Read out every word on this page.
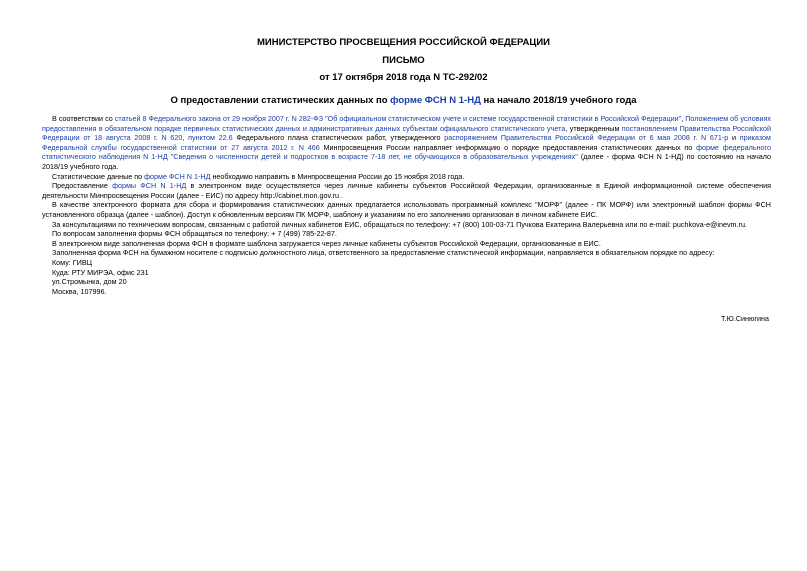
МИНИСТЕРСТВО ПРОСВЕЩЕНИЯ РОССИЙСКОЙ ФЕДЕРАЦИИ
ПИСЬМО
от 17 октября 2018 года N ТС-292/02
О предоставлении статистических данных по форме ФСН N 1-НД на начало 2018/19 учебного года

В соответствии со статьей 8 Федерального закона от 29 ноября 2007 г. N 282-ФЗ "Об официальном статистическом учете и системе государственной статистики в Российской Федерации", Положением об условиях предоставления в обязательном порядке первичных статистических данных и административных данных субъектам официального статистического учета, утвержденным постановлением Правительства Российской Федерации от 18 августа 2008 г. N 620, пунктом 22.6 Федерального плана статистических работ, утвержденного распоряжением Правительства Российской Федерации от 6 мая 2008 г. N 671-р и приказом Федеральной службы государственной статистики от 27 августа 2012 г. N 466 Минпросвещения России направляет информацию о порядке предоставления статистических данных по форме федерального статистического наблюдения N 1-НД "Сведения о численности детей и подростков в возрасте 7-18 лет, не обучающихся в образовательных учреждениях" (далее - форма ФСН N 1-НД) по состоянию на начало 2018/19 учебного года.

Статистические данные по форме ФСН N 1-НД необходимо направить в Минпросвещения России до 15 ноября 2018 года.

Предоставление формы ФСН N 1-НД в электронном виде осуществляется через личные кабинеты субъектов Российской Федерации, организованные в Единой информационной системе обеспечения деятельности Минпросвещения России (далее - ЕИС) по адресу http://cabinet.mon.gov.ru .

В качестве электронного формата для сбора и формирования статистических данных предлагается использовать программный комплекс "МОРФ" (далее - ПК МОРФ) или электронный шаблон формы ФСН установленного образца (далее - шаблон). Доступ к обновленным версиям ПК МОРФ, шаблону и указаниям по его заполнению организован в личном кабинете ЕИС.

За консультациями по техническим вопросам, связанным с работой личных кабинетов ЕИС, обращаться по телефону: +7 (800) 100-03-71 Пучкова Екатерина Валерьевна или по e-mail: puchkova-e@inevm.ru.

По вопросам заполнения формы ФСН обращаться по телефону: + 7 (499) 785-22-87.

В электронном виде заполненная форма ФСН в формате шаблона загружается через личные кабинеты субъектов Российской Федерации, организованные в ЕИС.

Заполненная форма ФСН на бумажном носителе с подписью должностного лица, ответственного за предоставление статистической информации, направляется в обязательном порядке по адресу:

Кому: ГИВЦ

Куда: РТУ МИРЭА, офис 231

ул.Стромынка, дом 20

Москва, 107996.

Т.Ю.Синюгина
